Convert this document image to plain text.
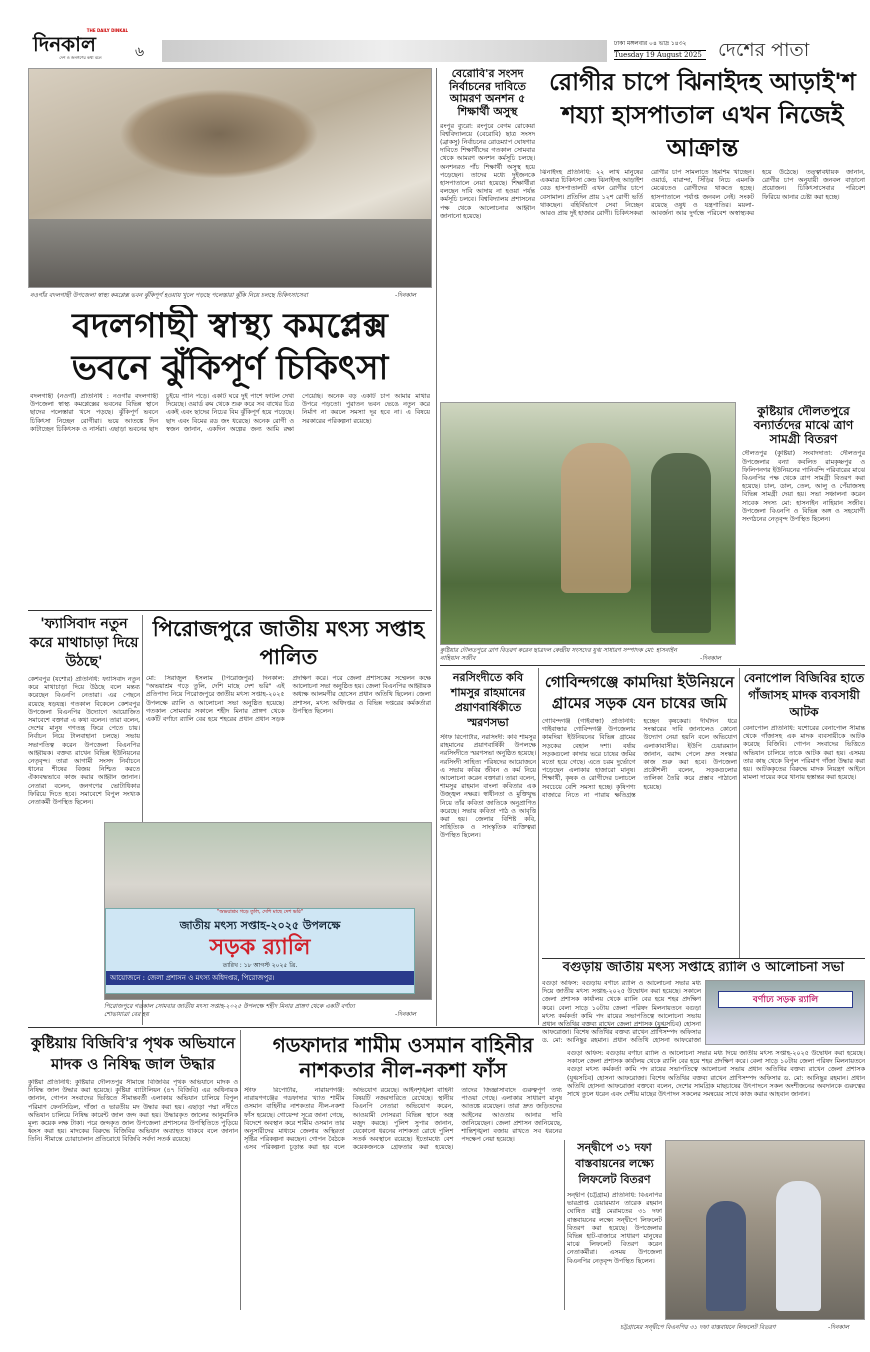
THE DAILY DINKAL
দিনকাল
দেশ ও জনগণের কথা বলে	৬
ঢাকা মঙ্গলবার ০৪ ভাদ্র ১৪৩২
Tuesday 19 August 2025 দেশের পাতা
নওগাঁর বদলগাছী উপজেলা স্বাস্থ্য কমপ্লেক্স ভবন ঝুঁকিপূর্ণ হওয়ায় খুলে পড়ছে পলেস্তারা ঝুঁকি নিয়ে চলছে চিকিৎসাসেবা	-দিনকাল
বদলগাছী স্বাস্থ্য কমপ্লেক্স ভবনে ঝুঁকিপূর্ণ চিকিৎসা
বদলগাছী (নওগাঁ) প্রতিনিধি : নওগাঁর বদলগাছী উপজেলা স্বাস্থ্য কমপ্লেক্সের ভবনের বিভিন্ন স্থানে ছাদের পলেস্তারা খসে পড়ছে। ঝুঁকিপূর্ণ ভবনে চিকিৎসা নিচ্ছেন রোগীরা। ভয়ে আতঙ্কে দিন কাটাচ্ছেন চিকিৎসক ও নার্সরা। এছাড়া ভবনের ছাদ চুইয়ে পানি পড়ে। একটি ঘরে দুই পাশে ফাটল দেখা দিয়েছে। ওয়ার্ড রুম থেকে শুরু করে সব বাথের চিত্র একই এবং ছাদের নিচের বিম ঝুঁকিপূর্ণ হয়ে পড়েছে। ছাদ এবং বিমের রড জং ধরেছে। অনেক রোগী ও স্বজন জানান, একদিন অল্পের জন্য আমি রক্ষা পেয়েছি। অনেক বড় একটি চাপ আমার মাথার উপরে পড়তো। পুরাতন ভবন ভেঙে নতুন করে নির্মাণ না করলে সমস্যা দূর হবে না। এ বিষয়ে সরকারের পরিকল্পনা রয়েছে।
বেরোবি'র সংসদ নির্বাচনের দাবিতে আমরণ অনশন ৫ শিক্ষার্থী অসুস্থ
রংপুর ব্যুরো: রংপুরে বেগম রোকেয়া বিশ্ববিদ্যালয়ে (বেরোবি) ছাত্র সংসদ (ব্রাকসু) নির্বাচনের রোডম্যাপ ঘোষণার দাবিতে শিক্ষার্থীদের গতকাল সোমবার থেকে আমরণ অনশন কর্মসূচি চলছে। অনশনরত পাঁচ শিক্ষার্থী অসুস্থ হয়ে পড়েছেন। তাদের মধ্যে দুইজনকে হাসপাতালে নেয়া হয়েছে। শিক্ষার্থীরা বলছেন দাবি আদায় না হওয়া পর্যন্ত কর্মসূচি চলবে। বিশ্ববিদ্যালয় প্রশাসনের পক্ষ থেকে আলোচনার আহ্বান জানানো হয়েছে।
রোগীর চাপে ঝিনাইদহ আড়াই'শ শয্যা হাসপাতাল এখন নিজেই আক্রান্ত
ঝিনাইদহ প্রতিনিধি: ২২ লাখ মানুষের একমাত্র চিকিৎসা কেন্দ্র ঝিনাইদহ আড়াইশ বেড হাসপাতালটি এখন রোগীর চাপে বেসামাল। প্রতিদিন প্রায় ১২শ রোগী ভর্তি থাকছেন। বহির্বিভাগে সেবা নিচ্ছেন আরও প্রায় দুই হাজার রোগী। চিকিৎসকরা রোগীর চাপ সামলাতে হিমশিম খাচ্ছেন। ওয়ার্ড, বারান্দা, সিঁড়ির নিচে এমনকি মেঝেতেও রোগীদের থাকতে হচ্ছে। হাসপাতালে পর্যাপ্ত জনবল নেই। সংকট রয়েছে ওষুধ ও যন্ত্রপাতির। ময়লা-আবর্জনা আর দুর্গন্ধে পরিবেশ অস্বাস্থ্যকর হয়ে উঠেছে। তত্ত্বাবধায়ক জানান, রোগীর চাপ অনুযায়ী জনবল বাড়ানো প্রয়োজন। চিকিৎসাসেবার পরিবেশ ফিরিয়ে আনার চেষ্টা করা হচ্ছে।
কুষ্টিয়ার দৌলতপুরে ত্রাণ বিতরণ করেন ছাত্রদল কেন্দ্রীয় সংসদের যুগ্ম সাধারণ সম্পাদক মো: হাসনাইন নাহিয়ান সজীব	-দিনকাল
কুষ্টিয়ার দৌলতপুরে বন্যার্তদের মাঝে ত্রাণ সামগ্রী বিতরণ
দৌলতপুর (কুষ্টিয়া) সংবাদদাতা: দৌলতপুর উপজেলার বন্যা কবলিত রামকৃষ্ণপুর ও ফিলিপনগর ইউনিয়নের পানিবন্দি পরিবারের মাঝে বিএনপির পক্ষ থেকে ত্রাণ সামগ্রী বিতরণ করা হয়েছে। চাল, ডাল, তেল, আলু ও পেঁয়াজসহ বিভিন্ন সামগ্রী দেয়া হয়। সভা সঞ্চালনা করেন সাবেক সদস্য মো: হাসনাইন নাহিয়ান সজীব। উপজেলা বিএনপি ও বিভিন্ন অঙ্গ ও সহযোগী সংগঠনের নেতৃবৃন্দ উপস্থিত ছিলেন।
'ফ্যাসিবাদ নতুন করে মাথাচাড়া দিয়ে উঠছে'
কেশবপুর (যশোর) প্রতিনিধি: ফ্যাসিবাদ নতুন করে মাথাচাড়া দিয়ে উঠছে বলে মন্তব্য করেছেন বিএনপি নেতারা। এর পেছনে রয়েছে ষড়যন্ত্র। গতকাল বিকেলে কেশবপুর উপজেলা বিএনপির উদ্যোগে আয়োজিত সমাবেশে বক্তারা এ কথা বলেন। তারা বলেন, দেশের মানুষ গণতন্ত্র ফিরে পেতে চায়। নির্বাচন নিয়ে টালবাহানা চলছে। সভায় সভাপতিত্ব করেন উপজেলা বিএনপির আহ্বায়ক। বক্তব্য রাখেন বিভিন্ন ইউনিয়নের নেতৃবৃন্দ। তারা আগামী সংসদ নির্বাচনে ধানের শীষের বিজয় নিশ্চিত করতে ঐক্যবদ্ধভাবে কাজ করার আহ্বান জানান। নেতারা বলেন, জনগণের ভোটাধিকার ফিরিয়ে দিতে হবে। সমাবেশে বিপুল সংখ্যক নেতাকর্মী উপস্থিত ছিলেন।
পিরোজপুরে জাতীয় মৎস্য সপ্তাহ পালিত
মো: সিরাজুল ইসলাম (পিরোজপুর) দিনকাল: "অভয়াশ্রম গড়ে তুলি, দেশি মাছে দেশ ভরি" এই প্রতিপাদ্য নিয়ে পিরোজপুরে জাতীয় মৎস্য সপ্তাহ-২০২৫ উপলক্ষে র‌্যালি ও আলোচনা সভা অনুষ্ঠিত হয়েছে। গতকাল সোমবার সকালে শহীদ মিনার প্রাঙ্গণ থেকে একটি বর্ণাঢ্য র‌্যালি বের হয়ে শহরের প্রধান প্রধান সড়ক প্রদক্ষিণ করে। পরে জেলা প্রশাসকের সম্মেলন কক্ষে আলোচনা সভা অনুষ্ঠিত হয়। জেলা বিএনপির আহ্বায়ক অধ্যক্ষ আলমগীর হোসেন প্রধান অতিথি ছিলেন। জেলা প্রশাসন, মৎস্য অধিদপ্তর ও বিভিন্ন দপ্তরের কর্মকর্তারা উপস্থিত ছিলেন।
"অভয়াশ্রম গড়ে তুলি, দেশি মাছে দেশ ভরি"
জাতীয় মৎস্য সপ্তাহ-২০২৫ উপলক্ষে
সড়ক র‌্যালি
তারিখ : ১৮ আগস্ট ২০২৫ খ্রি.
আয়োজনে : জেলা প্রশাসন ও মৎস্য অধিদপ্তর, পিরোজপুর।
পিরোজপুরে গতকাল সোমবার জাতীয় মৎস্য সপ্তাহ-২০২৫ উপলক্ষে শহীদ মিনার প্রাঙ্গণ থেকে একটি বর্ণাঢ্য শোভাযাত্রা বের হয়	-দিনকাল
নরসিংদীতে কবি শামসুর রাহমানের প্রয়াণবার্ষিকীতে স্মরণসভা
স্টাফ রিপোর্টার, নরসিংদী: কবি শামসুর রাহমানের প্রয়াণবার্ষিকী উপলক্ষে নরসিংদীতে স্মরণসভা অনুষ্ঠিত হয়েছে। নরসিংদী সাহিত্য পরিষদের আয়োজনে এ সভায় কবির জীবন ও কর্ম নিয়ে আলোচনা করেন বক্তারা। তারা বলেন, শামসুর রাহমান বাংলা কবিতার এক উজ্জ্বল নক্ষত্র। স্বাধীনতা ও মুক্তিযুদ্ধ নিয়ে তাঁর কবিতা জাতিকে অনুপ্রাণিত করেছে। সভায় কবিতা পাঠ ও আবৃত্তি করা হয়। জেলার বিশিষ্ট কবি, সাহিত্যিক ও সাংস্কৃতিক ব্যক্তিত্বরা উপস্থিত ছিলেন।
গোবিন্দগঞ্জে কামদিয়া ইউনিয়নে গ্রামের সড়ক যেন চাষের জমি
গোবিন্দগঞ্জ (গাইবান্ধা) প্রতিনিধি: গাইবান্ধার গোবিন্দগঞ্জ উপজেলার কামদিয়া ইউনিয়নের বিভিন্ন গ্রামের সড়কের বেহাল দশা। বর্ষায় সড়কগুলো কাদায় ভরে চাষের জমির মতো হয়ে গেছে। এতে চরম দুর্ভোগে পড়েছেন এলাকার হাজারো মানুষ। শিক্ষার্থী, কৃষক ও রোগীদের চলাচলে সবচেয়ে বেশি সমস্যা হচ্ছে। কৃষিপণ্য বাজারে নিতে না পারায় ক্ষতিগ্রস্ত হচ্ছেন কৃষকেরা। দীর্ঘদিন ধরে সংস্কারের দাবি জানালেও কোনো উদ্যোগ নেয়া হয়নি বলে অভিযোগ এলাকাবাসীর। ইউপি চেয়ারম্যান জানান, বরাদ্দ পেলে দ্রুত সংস্কার কাজ শুরু করা হবে। উপজেলা প্রকৌশলী বলেন, সড়কগুলোর তালিকা তৈরি করে প্রস্তাব পাঠানো হয়েছে।
বেনাপোল বিজিবির হাতে গাঁজাসহ মাদক ব্যবসায়ী আটক
বেনাপোল প্রতিনিধি: যশোরের বেনাপোল সীমান্ত থেকে গাঁজাসহ এক মাদক ব্যবসায়ীকে আটক করেছে বিজিবি। গোপন সংবাদের ভিত্তিতে অভিযান চালিয়ে তাকে আটক করা হয়। এসময় তার কাছ থেকে বিপুল পরিমাণ গাঁজা উদ্ধার করা হয়। আটককৃতের বিরুদ্ধে মাদক নিয়ন্ত্রণ আইনে মামলা দায়ের করে থানায় হস্তান্তর করা হয়েছে।
বগুড়ায় জাতীয় মৎস্য সপ্তাহে র‌্যালি ও আলোচনা সভা
বগুড়া অফিস: বগুড়ায় বর্ণাঢ্য র‌্যালি ও আলোচনা সভার মধ্য দিয়ে জাতীয় মৎস্য সপ্তাহ-২০২৫ উদ্বোধন করা হয়েছে। সকালে জেলা প্রশাসক কার্যালয় থেকে র‌্যালি বের হয়ে শহর প্রদক্ষিণ করে। বেলা সাড়ে ১০টায় জেলা পরিষদ মিলনায়তনে বগুড়া মৎস্য কর্মকর্তা কামি পদ রায়ের সভাপতিত্বে আলোচনা সভায় প্রধান অতিথির বক্তব্য রাখেন জেলা প্রশাসক (যুগ্মসচিব) হোসনা আফরোজা। বিশেষ অতিথির বক্তব্য রাখেন প্রাণিসম্পদ অফিসার ড. মো: আনিছুর রহমান। প্রধান অতিথি হোসনা আফরোজা
বর্ণাঢ্য সড়ক র‌্যালি
কুষ্টিয়ায় বিজিবি'র পৃথক অভিযানে মাদক ও নিষিদ্ধ জাল উদ্ধার
কুষ্টিয়া প্রতিনিধি: কুষ্টিয়ার দৌলতপুর সীমান্তে বিজিবির পৃথক অভিযানে মাদক ও নিষিদ্ধ জাল উদ্ধার করা হয়েছে। কুষ্টিয়া ব্যাটালিয়ন (৪৭ বিজিবি) এর অধিনায়ক জানান, গোপন সংবাদের ভিত্তিতে সীমান্তবর্তী এলাকায় অভিযান চালিয়ে বিপুল পরিমাণ ফেনসিডিল, গাঁজা ও ভারতীয় মদ উদ্ধার করা হয়। এছাড়া পদ্মা নদীতে অভিযান চালিয়ে নিষিদ্ধ কারেন্ট জাল জব্দ করা হয়। উদ্ধারকৃত জালের আনুমানিক মূল্য কয়েক লক্ষ টাকা। পরে জব্দকৃত জাল উপজেলা প্রশাসনের উপস্থিতিতে পুড়িয়ে ধ্বংস করা হয়। মাদকের বিরুদ্ধে বিজিবির অভিযান অব্যাহত থাকবে বলে জানান তিনি। সীমান্তে চোরাচালান প্রতিরোধে বিজিবি সর্বদা সতর্ক রয়েছে।
গডফাদার শামীম ওসমান বাহিনীর নাশকতার নীল-নকশা ফাঁস
স্টাফ রিপোর্টার, নারায়ণগঞ্জ: নারায়ণগঞ্জের গডফাদার খ্যাত শামীম ওসমান বাহিনীর নাশকতার নীল-নকশা ফাঁস হয়েছে। গোয়েন্দা সূত্রে জানা গেছে, বিদেশে অবস্থান করে শামীম ওসমান তার অনুসারীদের মাধ্যমে জেলায় অস্থিরতা সৃষ্টির পরিকল্পনা করছেন। গোপন বৈঠকে এসব পরিকল্পনা চূড়ান্ত করা হয় বলে অভিযোগ রয়েছে। আইনশৃঙ্খলা বাহিনী বিষয়টি নজরদারিতে রেখেছে। স্থানীয় বিএনপি নেতারা অভিযোগ করেন, আওয়ামী দোসররা বিভিন্ন স্থানে অস্ত্র মজুদ করছে। পুলিশ সুপার জানান, যেকোনো ধরনের নাশকতা রোধে পুলিশ সতর্ক অবস্থানে রয়েছে। ইতোমধ্যে বেশ কয়েকজনকে গ্রেফতার করা হয়েছে। তাদের জিজ্ঞাসাবাদে গুরুত্বপূর্ণ তথ্য পাওয়া গেছে। এলাকার সাধারণ মানুষ আতঙ্কে রয়েছেন। তারা দ্রুত জড়িতদের আইনের আওতায় আনার দাবি জানিয়েছেন। জেলা প্রশাসন জানিয়েছে, শান্তিশৃঙ্খলা বজায় রাখতে সব ধরনের পদক্ষেপ নেয়া হয়েছে।
বগুড়া অফিস: বগুড়ায় বর্ণাঢ্য র‌্যালি ও আলোচনা সভার মধ্য দিয়ে জাতীয় মৎস্য সপ্তাহ-২০২৫ উদ্বোধন করা হয়েছে। সকালে জেলা প্রশাসক কার্যালয় থেকে র‌্যালি বের হয়ে শহর প্রদক্ষিণ করে। বেলা সাড়ে ১০টায় জেলা পরিষদ মিলনায়তনে বগুড়া মৎস্য কর্মকর্তা কামি পদ রায়ের সভাপতিত্বে আলোচনা সভায় প্রধান অতিথির বক্তব্য রাখেন জেলা প্রশাসক (যুগ্মসচিব) হোসনা আফরোজা। বিশেষ অতিথির বক্তব্য রাখেন প্রাণিসম্পদ অফিসার ড. মো: আনিছুর রহমান। প্রধান অতিথি হোসনা আফরোজা বক্তব্যে বলেন, দেশের সামগ্রিক মাছচাষের উৎপাদনে সকল অংশীজনের অবদানকে গুরুত্বের সাথে তুলে ধরেন এবং দেশীয় মাছের উৎপাদন সকলের সমন্বয়ের সাথে কাজ করার আহবান জানান।
সন্দ্বীপে ৩১ দফা বাস্তবায়নের লক্ষ্যে লিফলেট বিতরণ
সন্দ্বীপ (চট্টগ্রাম) প্রতিনিধি: বিএনপির ভারপ্রাপ্ত চেয়ারম্যান তারেক রহমান ঘোষিত রাষ্ট্র মেরামতের ৩১ দফা বাস্তবায়নের লক্ষ্যে সন্দ্বীপে লিফলেট বিতরণ করা হয়েছে। উপজেলার বিভিন্ন হাট-বাজারে সাধারণ মানুষের মাঝে লিফলেট বিতরণ করেন নেতাকর্মীরা। এসময় উপজেলা বিএনপির নেতৃবৃন্দ উপস্থিত ছিলেন।
চট্টগ্রামের সন্দ্বীপে বিএনপির ৩১ দফা বাস্তবায়নে লিফলেট বিতরণ	-দিনকাল
